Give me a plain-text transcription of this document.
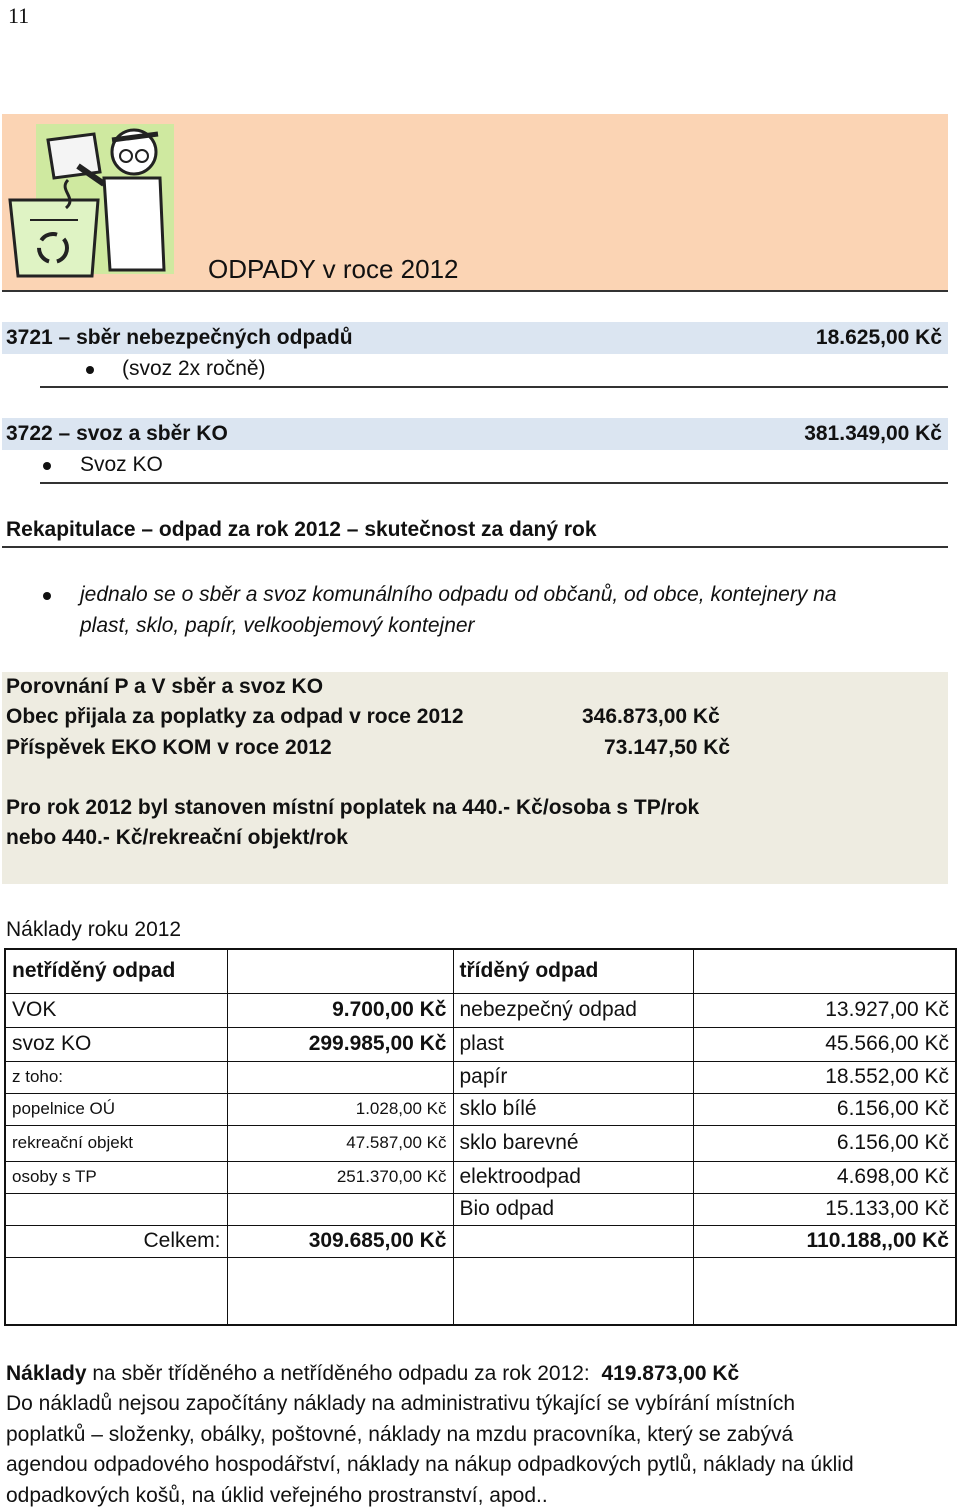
11
ODPADY v roce 2012
3721 – sběr nebezpečných odpadů	18.625,00 Kč
(svoz 2x ročně)
3722 – svoz a sběr KO	381.349,00 Kč
Svoz KO
Rekapitulace – odpad za rok 2012 – skutečnost za daný rok
jednalo se o sběr a svoz komunálního odpadu od občanů, od obce, kontejnery na
plast, sklo, papír, velkoobjemový kontejner
Porovnání P a V sběr a svoz KO
Obec přijala za poplatky za odpad v roce 2012	346.873,00 Kč
Příspěvek EKO KOM v roce 2012	73.147,50 Kč
Pro rok 2012 byl stanoven místní poplatek na 440.- Kč/osoba s TP/rok
nebo 440.- Kč/rekreační objekt/rok
Náklady roku 2012
netříděný odpad		tříděný odpad	
VOK	9.700,00 Kč	nebezpečný odpad	13.927,00 Kč
svoz KO	299.985,00 Kč	plast	45.566,00 Kč
z toho:		papír	18.552,00 Kč
popelnice OÚ	1.028,00 Kč	sklo bílé	6.156,00 Kč
rekreační objekt	47.587,00 Kč	sklo barevné	6.156,00 Kč
osoby s TP	251.370,00 Kč	elektroodpad	4.698,00 Kč
		Bio odpad	15.133,00 Kč
Celkem:	309.685,00 Kč		110.188,,00 Kč

Náklady na sběr tříděného a netříděného odpadu za rok 2012:  419.873,00 Kč
Do nákladů nejsou započítány náklady na administrativu týkající se vybírání místních
poplatků – složenky, obálky, poštovné, náklady na mzdu pracovníka, který se zabývá
agendou odpadového hospodářství, náklady na nákup odpadkových pytlů, náklady na úklid
odpadkových košů, na úklid veřejného prostranství, apod..
